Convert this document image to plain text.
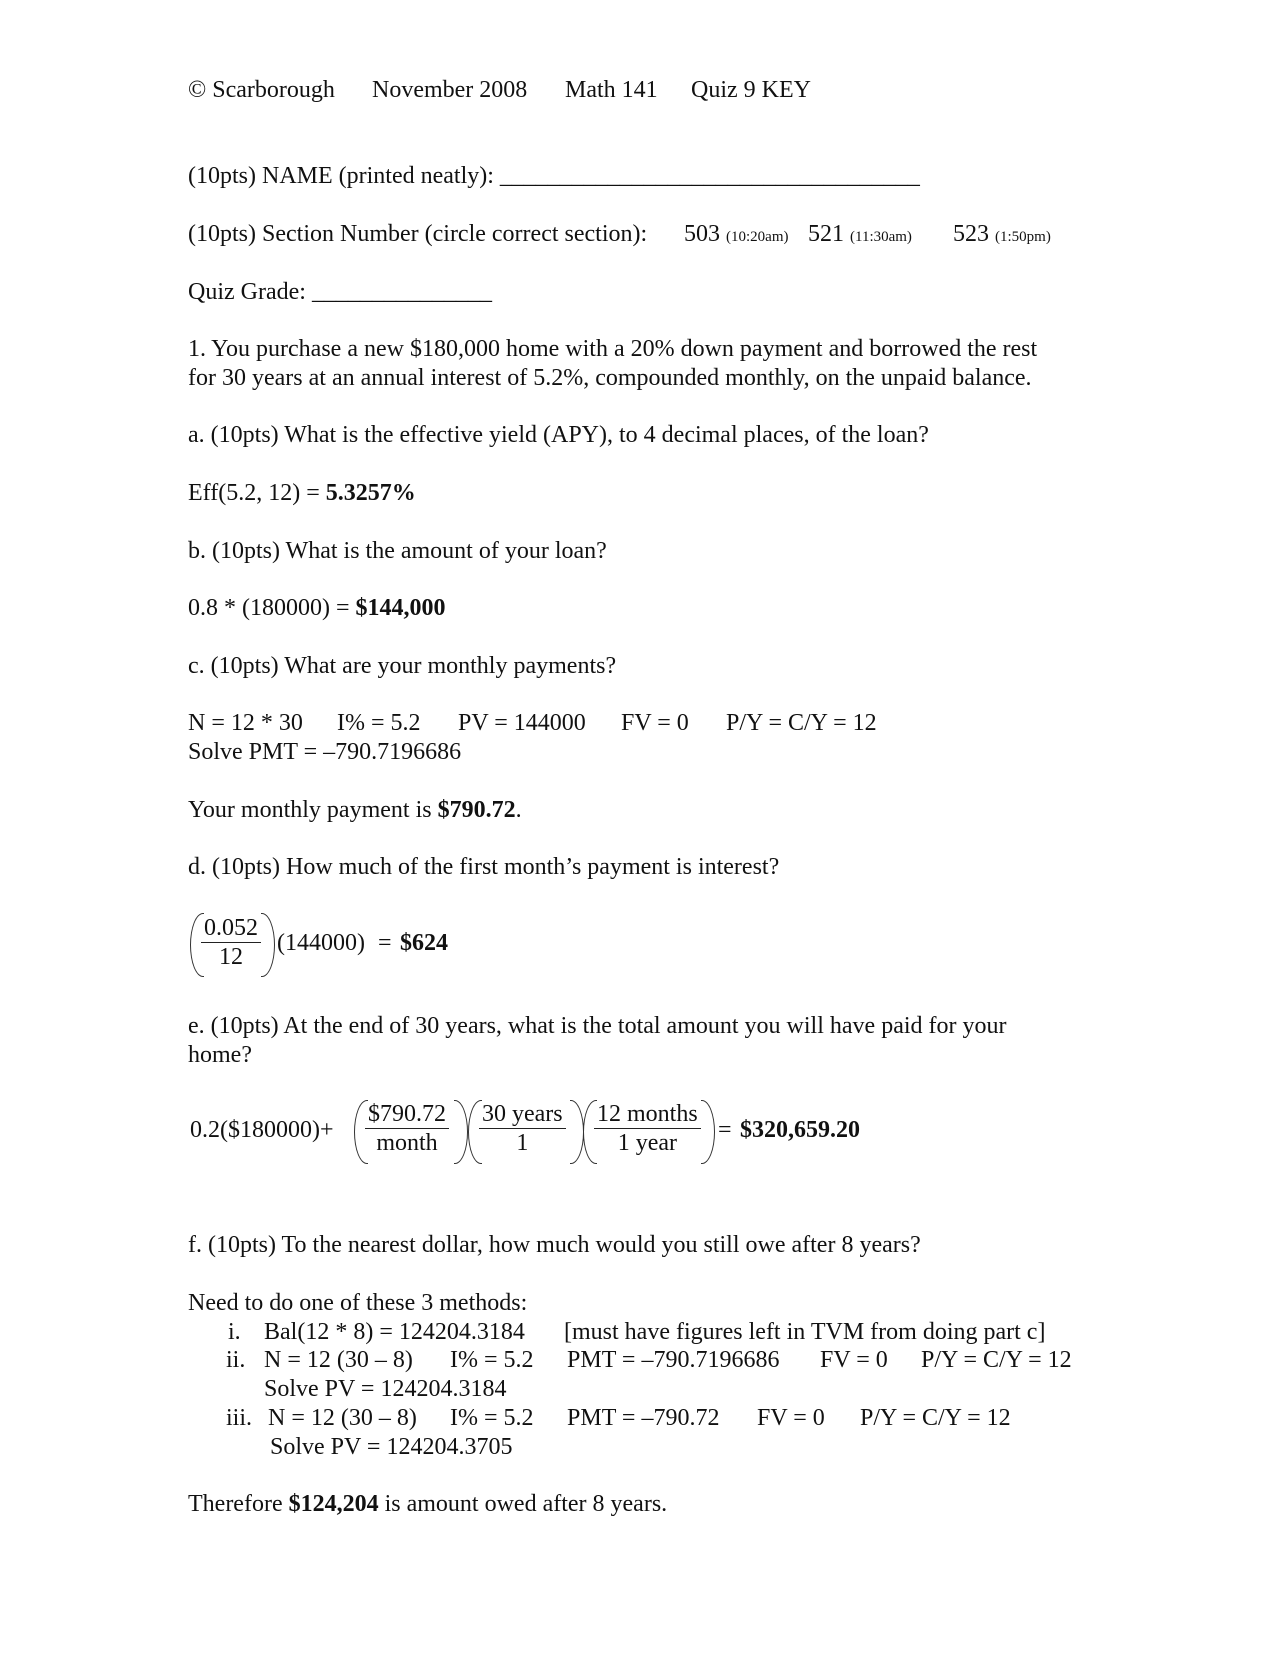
© Scarborough November 2008 Math 141 Quiz 9 KEY
(10pts) NAME (printed neatly): ___________________________________
(10pts) Section Number (circle correct section): 503 (10:20am) 521 (11:30am) 523 (1:50pm)
Quiz Grade: _______________
1. You purchase a new $180,000 home with a 20% down payment and borrowed the rest
for 30 years at an annual interest of 5.2%, compounded monthly, on the unpaid balance.
a. (10pts) What is the effective yield (APY), to 4 decimal places, of the loan?
Eff(5.2, 12) = 5.3257%
b. (10pts) What is the amount of your loan?
0.8 * (180000) = $144,000
c. (10pts) What are your monthly payments?
N = 12 * 30 I% = 5.2 PV = 144000 FV = 0 P/Y = C/Y = 12
Solve PMT = –790.7196686
Your monthly payment is $790.72.
d. (10pts) How much of the first month’s payment is interest?
$\frac{0.052}{12} (144000)$ = $624
e. (10pts) At the end of 30 years, what is the total amount you will have paid for your
home?
0.2($180000)+
$790.72
month
30 years
1
12 months
1 year	= $320,659.20
f. (10pts) To the nearest dollar, how much would you still owe after 8 years?
Need to do one of these 3 methods:
i. Bal(12 * 8) = 124204.3184 [must have figures left in TVM from doing part c]
ii. N = 12 (30 – 8) I% = 5.2 PMT = –790.7196686 FV = 0 P/Y = C/Y = 12
Solve PV = 124204.3184
iii. N = 12 (30 – 8) I% = 5.2 PMT = –790.72 FV = 0 P/Y = C/Y = 12
Solve PV = 124204.3705
Therefore $124,204 is amount owed after 8 years.
